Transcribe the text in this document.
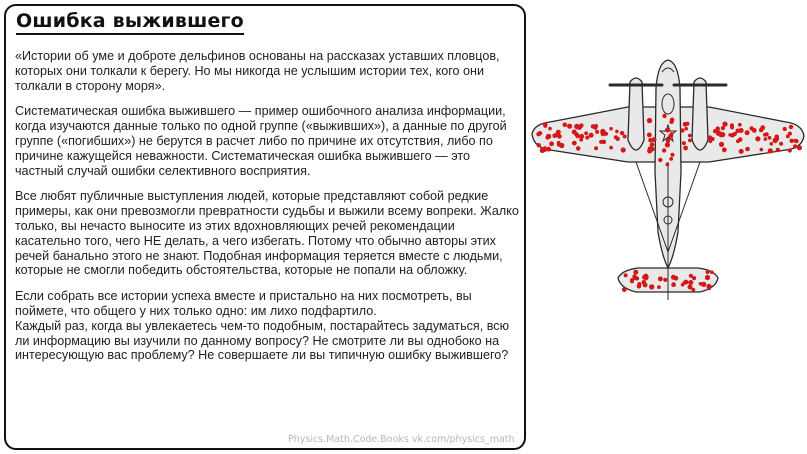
Ошибка выжившего

«Истории об уме и доброте дельфинов основаны на рассказах уставших пловцов, которых они толкали к берегу. Но мы никогда не услышим истории тех, кого они толкали в сторону моря».

Систематическая ошибка выжившего — пример ошибочного анализа информации, когда изучаются данные только по одной группе («выживших»), а данные по другой группе («погибших») не берутся в расчет либо по причине их отсутствия, либо по причине кажущейся неважности. Систематическая ошибка выжившего — это частный случай ошибки селективного восприятия.

Все любят публичные выступления людей, которые представляют собой редкие примеры, как они превозмогли превратности судьбы и выжили всему вопреки. Жалко только, вы нечасто выносите из этих вдохновляющих речей рекомендации касательно того, чего НЕ делать, а чего избегать. Потому что обычно авторы этих речей банально этого не знают. Подобная информация теряется вместе с людьми, которые не смогли победить обстоятельства, которые не попали на обложку.

Если собрать все истории успеха вместе и пристально на них посмотреть, вы поймете, что общего у них только одно: им лихо подфартило.

Каждый раз, когда вы увлекаетесь чем-то подобным, постарайтесь задуматься, всю ли информацию вы изучили по данному вопросу? Не смотрите ли вы однобоко на интересующую вас проблему? Не совершаете ли вы типичную ошибку выжившего?

Physics.Math.Code.Books vk.com/physics_math
